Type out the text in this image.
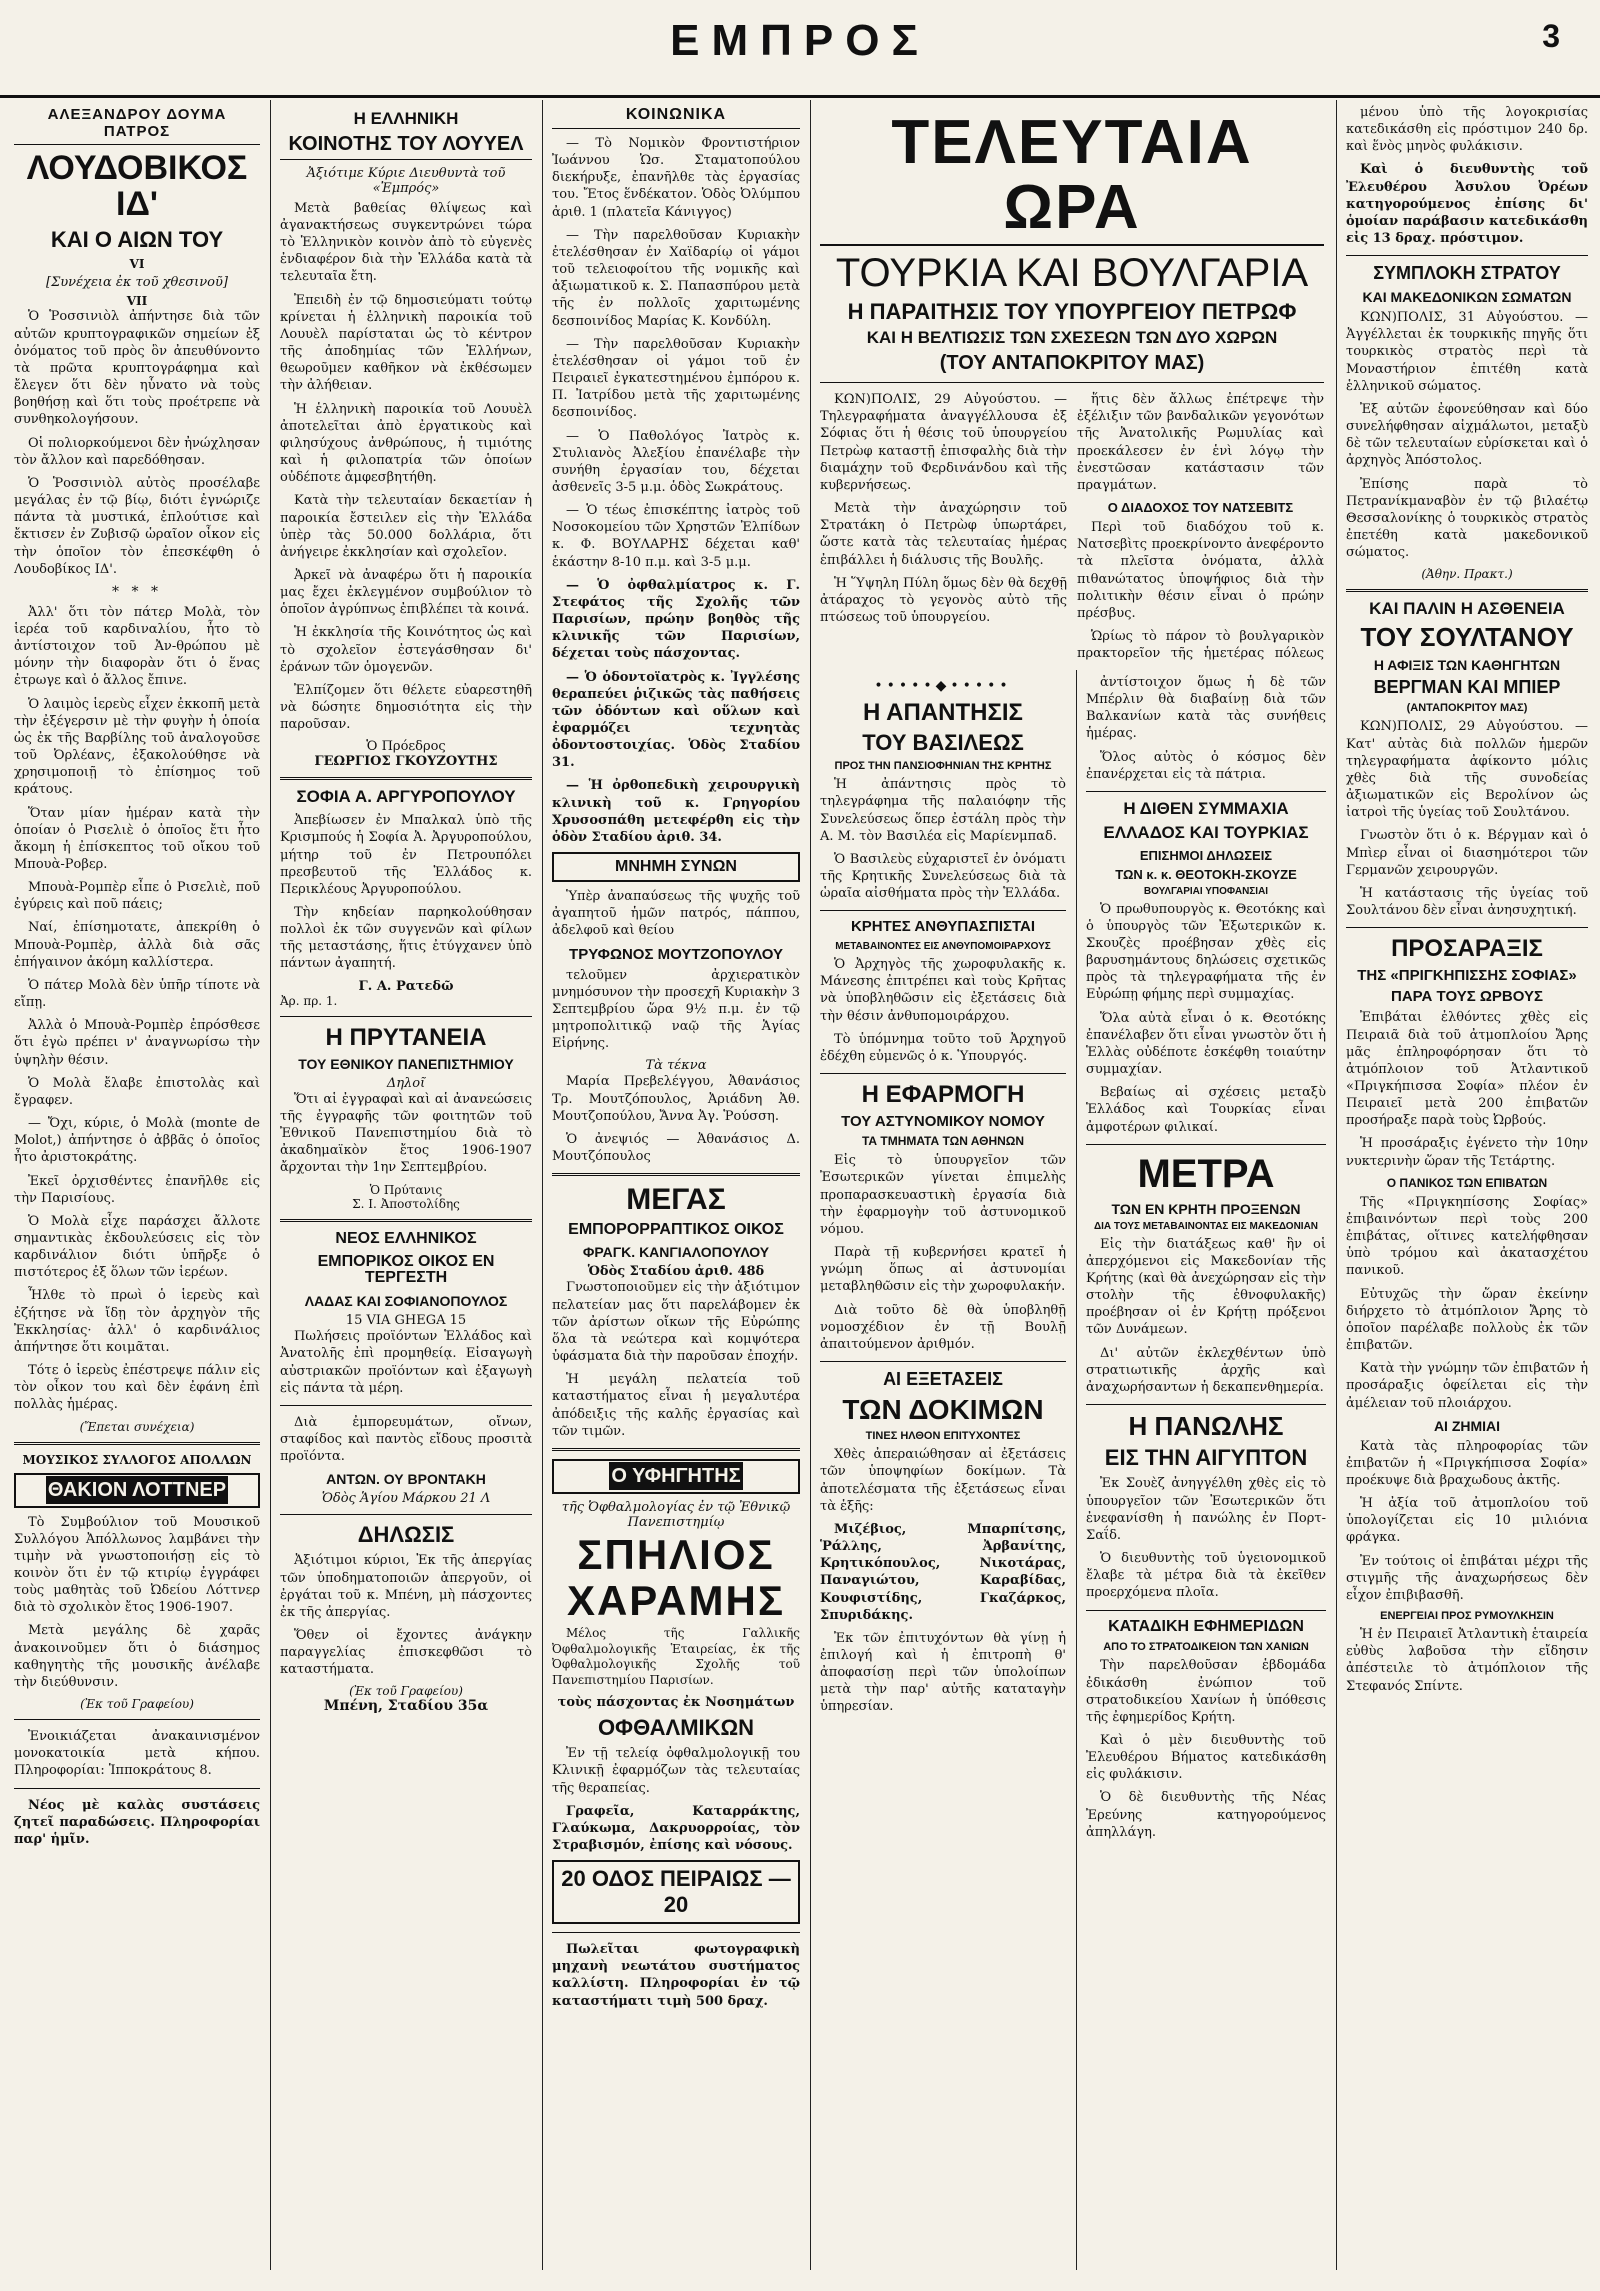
ΕΜΠΡΟΣ	3
ΑΛΕΞΑΝΔΡΟΥ ΔΟΥΜΑ ΠΑΤΡΟΣ
ΛΟΥΔΟΒΙΚΟΣ ΙΔ'
ΚΑΙ Ο ΑΙΩΝ ΤΟΥ
VI
[Συνέχεια ἐκ τοῦ χθεσινοῦ]
VII

Ὁ Ῥοσσινιὸλ ἀπήντησε διὰ τῶν αὐτῶν κρυπτογραφικῶν σημείων ἐξ ὀνόματος τοῦ πρὸς ὃν ἀπευθύνοντο τὰ πρῶτα κρυπτογράφημα καὶ ἔλεγεν ὅτι δὲν ηὗνατο νὰ τοὺς βοηθήσῃ καὶ ὅτι τοὺς προέτρεπε νὰ συνθηκολογήσουν.

Οἱ πολιορκούμενοι δὲν ἠνώχλησαν τὸν ἄλλον καὶ παρεδόθησαν.

Ὁ Ῥοσσινιὸλ αὐτὸς προσέλαβε μεγάλας ἐν τῷ βίῳ, διότι ἐγνώριζε πάντα τὰ μυστικά, ἐπλούτισε καὶ ἔκτισεν ἐν Ζυβισῷ ὡραῖον οἶκον εἰς τὴν ὁποῖον τὸν ἐπεσκέφθη ὁ Λουδοβίκος ΙΔ'.

* * *

Ἀλλ' ὅτι τὸν πάτερ Μολὰ, τὸν ἱερέα τοῦ καρδιναλίου, ἦτο τὸ ἀντίστοιχον τοῦ Ἀν-θρώπου μὲ μόνην τὴν διαφορὰν ὅτι ὁ ἕνας ἐτρωγε καὶ ὁ ἄλλος ἔπινε.

Ὁ λαιμὸς ἱερεὺς εἶχεν ἐκκοπῆ μετὰ τὴν ἐξέγερσιν μὲ τὴν φυγὴν ἡ ὁποία ὡς ἐκ τῆς Βαρβίλης τοῦ ἀναλογοῦσε τοῦ Ὀρλέανς, ἐξακολούθησε νὰ χρησιμοποιῇ τὸ ἐπίσημος τοῦ κράτους.

Ὅταν μίαν ἡμέραν κατὰ τὴν ὁποίαν ὁ Ρισελιὲ ὁ ὁποῖος ἔτι ἦτο ἄκομη ἡ ἐπίσκεπτος τοῦ οἴκου τοῦ Μπουὰ-Ροβερ.

Μπουὰ-Ρομπὲρ εἶπε ὁ Ρισελιὲ, ποῦ ἐγύρεις καὶ ποῦ πάεις;

Ναί, ἐπίσημοτατε, ἀπεκρίθη ὁ Μπουὰ-Ρομπὲρ, ἀλλὰ διὰ σᾶς ἐπήγαινον ἀκόμη καλλίστερα.

Ὁ πάτερ Μολὰ δὲν ὑπῆρ τίποτε νὰ εἴπῃ.

Ἀλλὰ ὁ Μπουὰ-Ρομπὲρ ἐπρόσθεσε ὅτι ἐγὼ πρέπει ν' ἀναγνωρίσω τὴν ὑψηλὴν θέσιν.

Ὁ Μολὰ ἔλαβε ἐπιστολὰς καὶ ἔγραφεν.

— Ὄχι, κύριε, ὁ Μολὰ (monte de Molot,) ἀπήντησε ὁ ἀββᾶς ὁ ὁποῖος ἦτο ἀριστοκράτης.

Ἐκεῖ ὀρχισθέντες ἐπανῆλθε εἰς τὴν Παρισίους.

Ὁ Μολὰ εἶχε παράσχει ἄλλοτε σημαντικὰς ἐκδουλεύσεις εἰς τὸν καρδινάλιον διότι ὑπῆρξε ὁ πιστότερος ἐξ ὅλων τῶν ἱερέων.

Ἦλθε τὸ πρωὶ ὁ ἱερεὺς καὶ ἐζήτησε νὰ ἴδῃ τὸν ἀρχηγὸν τῆς Ἐκκλησίας· ἀλλ' ὁ καρδινάλιος ἀπήντησε ὅτι κοιμᾶται.

Τότε ὁ ἱερεὺς ἐπέστρεψε πάλιν εἰς τὸν οἶκον του καὶ δὲν ἐφάνη ἐπὶ πολλὰς ἡμέρας.

(Ἔπεται συνέχεια)
ΜΟΥΣΙΚΟΣ ΣΥΛΛΟΓΟΣ ΑΠΟΛΛΩΝ
ΘΑΚΙΟΝ ΛΟΤΤΝΕΡ

Τὸ Συμβούλιον τοῦ Μουσικοῦ Συλλόγου Ἀπόλλωνος λαμβάνει τὴν τιμὴν νὰ γνωστοποιήσῃ εἰς τὸ κοινὸν ὅτι ἐν τῷ κτιρίῳ ἐγγράφει τοὺς μαθητὰς τοῦ Ὠδείου Λόττνερ διὰ τὸ σχολικὸν ἔτος 1906-1907.

Μετὰ μεγάλης δὲ χαρᾶς ἀνακοινοῦμεν ὅτι ὁ διάσημος καθηγητὴς τῆς μουσικῆς ἀνέλαβε τὴν διεύθυνσιν.

(Ἐκ τοῦ Γραφείου)

Ἐνοικιάζεται ἀνακαινισμένον μονοκατοικία μετὰ κήπου. Πληροφορίαι: Ἱπποκράτους 8.

Νέος μὲ καλὰς συστάσεις ζητεῖ παραδώσεις. Πληροφορίαι παρ' ἡμῖν.

Η ΕΛΛΗΝΙΚΗ
ΚΟΙΝΟΤΗΣ ΤΟΥ ΛΟΥΥΕΛ
Ἀξιότιμε Κύριε Διευθυντὰ τοῦ «Ἐμπρός»

Μετὰ βαθείας θλίψεως καὶ ἀγανακτήσεως συγκεντρώνει τώρα τὸ Ἑλληνικὸν κοινὸν ἀπὸ τὸ εὐγενὲς ἐνδιαφέρον διὰ τὴν Ἑλλάδα κατὰ τὰ τελευταῖα ἔτη.

Ἐπειδὴ ἐν τῷ δημοσιεύματι τούτῳ κρίνεται ἡ ἑλληνικὴ παροικία τοῦ Λουυὲλ παρίσταται ὡς τὸ κέντρον τῆς ἀποδημίας τῶν Ἑλλήνων, θεωροῦμεν καθῆκον νὰ ἐκθέσωμεν τὴν ἀλήθειαν.

Ἡ ἑλληνικὴ παροικία τοῦ Λουυὲλ ἀποτελεῖται ἀπὸ ἐργατικοὺς καὶ φιλησύχους ἀνθρώπους, ἡ τιμιότης καὶ ἡ φιλοπατρία τῶν ὁποίων οὐδέποτε ἀμφεσβητήθη.

Κατὰ τὴν τελευταίαν δεκαετίαν ἡ παροικία ἔστειλεν εἰς τὴν Ἑλλάδα ὑπὲρ τὰς 50.000 δολλάρια, ὅτι ἀνήγειρε ἐκκλησίαν καὶ σχολεῖον.

Ἀρκεῖ νὰ ἀναφέρω ὅτι ἡ παροικία μας ἔχει ἐκλεγμένον συμβούλιον τὸ ὁποῖον ἀγρύπνως ἐπιβλέπει τὰ κοινά.

Ἡ ἐκκλησία τῆς Κοινότητος ὡς καὶ τὸ σχολεῖον ἐστεγάσθησαν δι' ἐράνων τῶν ὁμογενῶν.

Ἐλπίζομεν ὅτι θέλετε εὐαρεστηθῆ νὰ δώσητε δημοσιότητα εἰς τὴν παροῦσαν.

Ὁ Πρόεδρος
ΓΕΩΡΓΙΟΣ ΓΚΟΥΖΟΥΤΗΣ
ΣΟΦΙΑ Α. ΑΡΓΥΡΟΠΟΥΛΟΥ

Ἀπεβίωσεν ἐν Μπαλκαλ ὑπὸ τῆς Κρισμπούς ἡ Σοφία Ἀ. Ἀργυροπούλου, μήτηρ τοῦ ἐν Πετρουπόλει πρεσβευτοῦ τῆς Ἑλλάδος κ. Περικλέους Ἀργυροπούλου.

Τὴν κηδείαν παρηκολούθησαν πολλοὶ ἐκ τῶν συγγενῶν καὶ φίλων τῆς μεταστάσης, ἥτις ἐτύγχανεν ὑπὸ πάντων ἀγαπητή.

Γ. Α. Ρατεδῶ
Ἀρ. πρ. 1.
Η ΠΡΥΤΑΝΕΙΑ
ΤΟΥ ΕΘΝΙΚΟΥ ΠΑΝΕΠΙΣΤΗΜΙΟΥ
Δηλοῖ

Ὅτι αἱ ἐγγραφαὶ καὶ αἱ ἀνανεώσεις τῆς ἐγγραφῆς τῶν φοιτητῶν τοῦ Ἐθνικοῦ Πανεπιστημίου διὰ τὸ ἀκαδημαϊκὸν ἔτος 1906-1907 ἄρχονται τὴν 1ην Σεπτεμβρίου.

Ὁ Πρύτανις
Σ. Ι. Ἀποστολίδης
ΝΕΟΣ ΕΛΛΗΝΙΚΟΣ
ΕΜΠΟΡΙΚΟΣ ΟΙΚΟΣ ΕΝ ΤΕΡΓΕΣΤΗ
ΛΑΔΑΣ ΚΑΙ ΣΟΦΙΑΝΟΠΟΥΛΟΣ
15 VIA GHEGA 15

Πωλήσεις προϊόντων Ἑλλάδος καὶ Ἀνατολῆς ἐπὶ προμηθείᾳ. Εἰσαγωγὴ αὐστριακῶν προϊόντων καὶ ἐξαγωγὴ εἰς πάντα τὰ μέρη.

Διὰ ἐμπορευμάτων, οἴνων, σταφίδος καὶ παντὸς εἴδους προσιτὰ προϊόντα.

ΑΝΤΩΝ. ΟΥ ΒΡΟΝΤΑΚΗ
Ὁδὸς Ἁγίου Μάρκου 21 Λ
ΔΗΛΩΣΙΣ

Ἀξιότιμοι κύριοι, Ἐκ τῆς ἀπεργίας τῶν ὑποδηματοποιῶν ἀπεργοῦν, οἱ ἐργάται τοῦ κ. Μπένη, μὴ πάσχοντες ἐκ τῆς ἀπεργίας.

Ὅθεν οἱ ἔχοντες ἀνάγκην παραγγελίας ἐπισκεφθῶσι τὸ καταστήματα.

(Ἐκ τοῦ Γραφείου)
Μπένη, Σταδίου 35α
ΚΟΙΝΩΝΙΚΑ

— Τὸ Νομικὸν Φροντιστήριον Ἰωάννου Ὡσ. Σταματοπούλου διεκήρυξε, ἐπανῆλθε τὰς ἐργασίας του. Ἔτος ἕνδέκατον. Ὁδὸς Ὀλύμπου ἀριθ. 1 (πλατεῖα Κάνιγγος)

— Τὴν παρελθοῦσαν Κυριακὴν ἐτελέσθησαν ἐν Χαϊδαρίῳ οἱ γάμοι τοῦ τελειοφοίτου τῆς νομικῆς καὶ ἀξιωματικοῦ κ. Σ. Παπασπύρου μετὰ τῆς ἐν πολλοῖς χαριτωμένης δεσποινίδος Μαρίας Κ. Κονδύλη.

— Τὴν παρελθοῦσαν Κυριακὴν ἐτελέσθησαν οἱ γάμοι τοῦ ἐν Πειραιεῖ ἐγκατεστημένου ἐμπόρου κ. Π. Ἰατρίδου μετὰ τῆς χαριτωμένης δεσποινίδος.

— Ὁ Παθολόγος Ἰατρὸς κ. Στυλιανὸς Ἀλεξίου ἐπανέλαβε τὴν συνήθη ἐργασίαν του, δέχεται ἀσθενεῖς 3-5 μ.μ. ὁδὸς Σωκράτους.

— Ὁ τέως ἐπισκέπτης ἰατρὸς τοῦ Νοσοκομείου τῶν Χρηστῶν Ἐλπίδων κ. Φ. ΒΟΥΛΑΡΗΣ δέχεται καθ' ἑκάστην 8-10 π.μ. καὶ 3-5 μ.μ.

— Ὁ ὀφθαλμίατρος κ. Γ. Στεφάτος τῆς Σχολῆς τῶν Παρισίων, πρώην βοηθὸς τῆς κλινικῆς τῶν Παρισίων, δέχεται τοὺς πάσχοντας.

— Ὁ ὁδοντοϊατρὸς κ. Ἰγγλέσης θεραπεύει ῥιζικῶς τὰς παθήσεις τῶν ὀδόντων καὶ οὕλων καὶ ἐφαρμόζει τεχνητὰς ὀδοντοστοιχίας. Ὁδὸς Σταδίου 31.

— Ἡ ὀρθοπεδικὴ χειρουργικὴ κλινικὴ τοῦ κ. Γρηγορίου Χρυσοσπάθη μετεφέρθη εἰς τὴν ὁδὸν Σταδίου ἀριθ. 34.

ΜΝΗΜΗ ΣΥΝΩΝ

Ὑπὲρ ἀναπαύσεως τῆς ψυχῆς τοῦ ἀγαπητοῦ ἡμῶν πατρός, πάππου, ἀδελφοῦ καὶ θείου

ΤΡΥΦΩΝΟΣ ΜΟΥΤΖΟΠΟΥΛΟΥ

τελοῦμεν ἀρχιερατικὸν μνημόσυνον τὴν προσεχῆ Κυριακὴν 3 Σεπτεμβρίου ὥρα 9½ π.μ. ἐν τῷ μητροπολιτικῷ ναῷ τῆς Ἁγίας Εἰρήνης.

Τὰ τέκνα

Μαρία Πρεβελέγγου, Ἀθανάσιος Τρ. Μουτζόπουλος, Ἀριάδνη Ἀθ. Μουτζοπούλου, Ἄννα Ἀγ. Ῥούσση.

Ὁ ἀνεψιός — Ἀθανάσιος Δ. Μουτζόπουλος

ΜΕΓΑΣ
ΕΜΠΟΡΟΡΡΑΠΤΙΚΟΣ ΟΙΚΟΣ
ΦΡΑΓΚ. ΚΑΝΓΙΑΛΟΠΟΥΛΟΥ
Ὁδὸς Σταδίου ἀριθ. 48δ

Γνωστοποιοῦμεν εἰς τὴν ἀξιότιμον πελατείαν μας ὅτι παρελάβομεν ἐκ τῶν ἀρίστων οἴκων τῆς Εὐρώπης ὅλα τὰ νεώτερα καὶ κομψότερα ὑφάσματα διὰ τὴν παροῦσαν ἐποχήν.

Ἡ μεγάλη πελατεία τοῦ καταστήματος εἶναι ἡ μεγαλυτέρα ἀπόδειξις τῆς καλῆς ἐργασίας καὶ τῶν τιμῶν.

Ο ΥΦΗΓΗΤΗΣ
τῆς Ὀφθαλμολογίας ἐν τῷ Ἐθνικῷ Πανεπιστημίῳ
ΣΠΗΛΙΟΣ
ΧΑΡΑΜΗΣ

Μέλος τῆς Γαλλικῆς Ὀφθαλμολογικῆς Ἑταιρείας, ἐκ τῆς Ὀφθαλμολογικῆς Σχολῆς τοῦ Πανεπιστημίου Παρισίων.

τοὺς πάσχοντας ἐκ Νοσημάτων
ΟΦΘΑΛΜΙΚΩΝ

Ἐν τῇ τελείᾳ ὀφθαλμολογικῇ του Κλινικῇ ἐφαρμόζων τὰς τελευταίας τῆς θεραπείας.

Γραφεῖα, Καταρράκτης, Γλαύκωμα, Δακρυορροίας, τὸν Στραβισμόν, ἐπίσης καὶ νόσους.

20 ΟΔΟΣ ΠΕΙΡΑΙΩΣ — 20

Πωλεῖται φωτογραφικὴ μηχανὴ νεωτάτου συστήματος καλλίστη. Πληροφορίαι ἐν τῷ καταστήματι τιμὴ 500 δραχ.

ΤΕΛΕΥΤΑΙΑ ΩΡΑ
ΤΟΥΡΚΙΑ ΚΑΙ ΒΟΥΛΓΑΡΙΑ
Η ΠΑΡΑΙΤΗΣΙΣ ΤΟΥ ΥΠΟΥΡΓΕΙΟΥ ΠΕΤΡΩΦ
ΚΑΙ Η ΒΕΛΤΙΩΣΙΣ ΤΩΝ ΣΧΕΣΕΩΝ ΤΩΝ ΔΥΟ ΧΩΡΩΝ
(ΤΟΥ ΑΝΤΑΠΟΚΡΙΤΟΥ ΜΑΣ)

ΚΩΝ)ΠΟΛΙΣ, 29 Αὐγούστου. — Τηλεγραφήματα ἀναγγέλλουσα ἐξ Σόφιας ὅτι ἡ θέσις τοῦ ὑπουργείου Πετρὼφ καταστῇ ἐπισφαλὴς διὰ τὴν διαμάχην τοῦ Φερδινάνδου καὶ τῆς κυβερνήσεως.

Μετὰ τὴν ἀναχώρησιν τοῦ Στρατάκη ὁ Πετρὼφ ὑπωρτάρει, ὥστε κατὰ τὰς τελευταίας ἡμέρας ἐπιβάλλει ἡ διάλυσις τῆς Βουλῆς.

Ἡ Ὕψηλη Πύλη ὅμως δὲν θὰ δεχθῇ ἀτάραχος τὸ γεγονὸς αὐτὸ τῆς πτώσεως τοῦ ὑπουργείου.

ἥτις δὲν ἄλλως ἐπέτρεψε τὴν ἐξέλιξιν τῶν βανδαλικῶν γεγονότων τῆς Ἀνατολικῆς Ρωμυλίας καὶ προεκάλεσεν ἐν ἑνὶ λόγῳ τὴν ἐνεστῶσαν κατάστασιν τῶν πραγμάτων.

Ο ΔΙΑΔΟΧΟΣ ΤΟΥ ΝΑΤΣΕΒΙΤΣ

Περὶ τοῦ διαδόχου τοῦ κ. Νατσεβὶτς προεκρίνοντο ἀνεφέροντο τὰ πλεῖστα ὀνόματα, ἀλλὰ πιθανώτατος ὑποψήφιος διὰ τὴν πολιτικὴν θέσιν εἶναι ὁ πρώην πρέσβυς.

Ὡρίως τὸ πάρον τὸ βουλγαρικὸν πρακτορεῖον τῆς ἡμετέρας πόλεως

•••••◆•••••
Η ΑΠΑΝΤΗΣΙΣ
ΤΟΥ ΒΑΣΙΛΕΩΣ
ΠΡΟΣ ΤΗΝ ΠΑΝΣΙΟΦΗΝΙΑΝ ΤΗΣ ΚΡΗΤΗΣ

Ἡ ἀπάντησις πρὸς τὸ τηλεγράφημα τῆς παλαιόφην τῆς Συνελεύσεως ὅπερ ἐστάλη πρὸς τὴν Α. Μ. τὸν Βασιλέα εἰς Μαρίενμπαδ.

Ὁ Βασιλεὺς εὐχαριστεῖ ἐν ὀνόματι τῆς Κρητικῆς Συνελεύσεως διὰ τὰ ὡραῖα αἰσθήματα πρὸς τὴν Ἑλλάδα.

ΚΡΗΤΕΣ ΑΝΘΥΠΑΣΠΙΣΤΑΙ
ΜΕΤΑΒΑΙΝΟΝΤΕΣ ΕΙΣ ΑΝΘΥΠΟΜΟΙΡΑΡΧΟΥΣ

Ὁ Ἀρχηγὸς τῆς χωροφυλακῆς κ. Μάνεσης ἐπιτρέπει καὶ τοὺς Κρῆτας νὰ ὑποβληθῶσιν εἰς ἐξετάσεις διὰ τὴν θέσιν ἀνθυπομοιράρχου.

Τὸ ὑπόμνημα τοῦτο τοῦ Ἀρχηγοῦ ἐδέχθη εὐμενῶς ὁ κ. Ὑπουργός.

Η ΕΦΑΡΜΟΓΗ
ΤΟΥ ΑΣΤΥΝΟΜΙΚΟΥ ΝΟΜΟΥ
ΤΑ ΤΜΗΜΑΤΑ ΤΩΝ ΑΘΗΝΩΝ

Εἰς τὸ ὑπουργεῖον τῶν Ἐσωτερικῶν γίνεται ἐπιμελὴς προπαρασκευαστικὴ ἐργασία διὰ τὴν ἐφαρμογὴν τοῦ ἀστυνομικοῦ νόμου.

Παρὰ τῇ κυβερνήσει κρατεῖ ἡ γνώμη ὅπως αἱ ἀστυνομίαι μεταβληθῶσιν εἰς τὴν χωροφυλακήν.

Διὰ τοῦτο δὲ θὰ ὑποβληθῇ νομοσχέδιον ἐν τῇ Βουλῇ ἀπαιτούμενον ἀριθμόν.

ΑΙ ΕΞΕΤΑΣΕΙΣ
ΤΩΝ ΔΟΚΙΜΩΝ
ΤΙΝΕΣ ΗΛΘΟΝ ΕΠΙΤΥΧΟΝΤΕΣ

Χθὲς ἀπεραιώθησαν αἱ ἐξετάσεις τῶν ὑποψηφίων δοκίμων. Τὰ ἀποτελέσματα τῆς ἐξετάσεως εἶναι τὰ ἑξῆς:

Μιζέβιος, Μπαρπίτσης, Ῥάλλης, Ἀρβανίτης, Κρητικόπουλος, Νικοτάρας, Παναγιώτου, Καραβίδας, Κουφιστίδης, Γκαζάρκος, Σπυριδάκης.

Ἐκ τῶν ἐπιτυχόντων θὰ γίνῃ ἡ ἐπιλογή καὶ ἡ ἐπιτροπὴ θ' ἀποφασίσῃ περὶ τῶν ὑπολοίπων μετὰ τὴν παρ' αὐτῆς καταταγὴν ὑπηρεσίαν.

ἀντίστοιχον ὅμως ἡ δὲ τῶν Μπέρλιν θὰ διαβαίνῃ διὰ τῶν Βαλκανίων κατὰ τὰς συνήθεις ἡμέρας.

Ὅλος αὐτὸς ὁ κόσμος δὲν ἐπανέρχεται εἰς τὰ πάτρια.

Η ΔΙΘΕΝ ΣΥΜΜΑΧΙΑ
ΕΛΛΑΔΟΣ ΚΑΙ ΤΟΥΡΚΙΑΣ
ΕΠΙΣΗΜΟΙ ΔΗΛΩΣΕΙΣ
ΤΩΝ κ. κ. ΘΕΟΤΟΚΗ-ΣΚΟΥΖΕ
ΒΟΥΛΓΑΡΙΑΙ ΥΠΟΦΑΝΣΙΑΙ

Ὁ πρωθυπουργὸς κ. Θεοτόκης καὶ ὁ ὑπουργὸς τῶν Ἐξωτερικῶν κ. Σκουζὲς προέβησαν χθὲς εἰς βαρυσημάντους δηλώσεις σχετικῶς πρὸς τὰ τηλεγραφήματα τῆς ἐν Εὐρώπῃ φήμης περὶ συμμαχίας.

Ὅλα αὐτὰ εἶναι ὁ κ. Θεοτόκης ἐπανέλαβεν ὅτι εἶναι γνωστὸν ὅτι ἡ Ἑλλὰς οὐδέποτε ἐσκέφθη τοιαύτην συμμαχίαν.

Βεβαίως αἱ σχέσεις μεταξὺ Ἑλλάδος καὶ Τουρκίας εἶναι ἀμφοτέρων φιλικαί.

ΜΕΤΡΑ
ΤΩΝ ΕΝ ΚΡΗΤΗ ΠΡΟΞΕΝΩΝ
ΔΙΑ ΤΟΥΣ ΜΕΤΑΒΑΙΝΟΝΤΑΣ ΕΙΣ ΜΑΚΕΔΟΝΙΑΝ

Εἰς τὴν διατάξεως καθ' ἣν οἱ ἀπερχόμενοι εἰς Μακεδονίαν τῆς Κρήτης (καὶ θὰ ἀνεχώρησαν εἰς τὴν στολὴν τῆς ἐθνοφυλακῆς) προέβησαν οἱ ἐν Κρήτῃ πρόξενοι τῶν Δυνάμεων.

Δι' αὐτῶν ἐκλεχθέντων ὑπὸ στρατιωτικῆς ἀρχῆς καὶ ἀναχωρήσαντων ἡ δεκαπενθημερία.

Η ΠΑΝΩΛΗΣ
ΕΙΣ ΤΗΝ ΑΙΓΥΠΤΟΝ

Ἐκ Σουὲζ ἀνηγγέλθη χθὲς εἰς τὸ ὑπουργεῖον τῶν Ἐσωτερικῶν ὅτι ἐνεφανίσθη ἡ πανώλης ἐν Πορτ-Σαΐδ.

Ὁ διευθυντὴς τοῦ ὑγειονομικοῦ ἔλαβε τὰ μέτρα διὰ τὰ ἐκεῖθεν προερχόμενα πλοῖα.

ΚΑΤΑΔΙΚΗ ΕΦΗΜΕΡΙΔΩΝ
ΑΠΟ ΤΟ ΣΤΡΑΤΟΔΙΚΕΙΟΝ ΤΩΝ ΧΑΝΙΩΝ

Τὴν παρελθοῦσαν ἑβδομάδα ἐδικάσθη ἐνώπιον τοῦ στρατοδικείου Χανίων ἡ ὑπόθεσις τῆς ἐφημερίδος Κρήτη.

Καὶ ὁ μὲν διευθυντὴς τοῦ Ἐλευθέρου Βήματος κατεδικάσθη εἰς φυλάκισιν.

Ὁ δὲ διευθυντὴς τῆς Νέας Ἐρεύνης κατηγορούμενος ἀπηλλάγη.

μένου ὑπὸ τῆς λογοκρισίας κατεδικάσθη εἰς πρόστιμον 240 δρ. καὶ ἕνὸς μηνὸς φυλάκισιν.

Καὶ ὁ διευθυντὴς τοῦ Ἐλευθέρου Ἀσυλου Ὀρέων κατηγορούμενος ἐπίσης δι' ὁμοίαν παράβασιν κατεδικάσθη εἰς 13 δραχ. πρόστιμον.

ΣΥΜΠΛΟΚΗ ΣΤΡΑΤΟΥ
ΚΑΙ ΜΑΚΕΔΟΝΙΚΩΝ ΣΩΜΑΤΩΝ

ΚΩΝ)ΠΟΛΙΣ, 31 Αὐγούστου. — Ἀγγέλλεται ἐκ τουρκικῆς πηγῆς ὅτι τουρκικὸς στρατὸς περὶ τὰ Μοναστήριον ἐπιτέθη κατὰ ἑλληνικοῦ σώματος.

Ἐξ αὐτῶν ἐφονεύθησαν καὶ δύο συνελήφθησαν αἰχμάλωτοι, μεταξὺ δὲ τῶν τελευταίων εὑρίσκεται καὶ ὁ ἀρχηγὸς Ἀπόστολος.

Ἐπίσης παρὰ τὸ Πετρανίκμαναβὸν ἐν τῷ βιλαέτῳ Θεσσαλονίκης ὁ τουρκικὸς στρατὸς ἐπετέθη κατὰ μακεδονικοῦ σώματος.

(Ἀθην. Πρακτ.)
ΚΑΙ ΠΑΛΙΝ Η ΑΣΘΕΝΕΙΑ
ΤΟΥ ΣΟΥΛΤΑΝΟΥ
Η ΑΦΙΞΙΣ ΤΩΝ ΚΑΘΗΓΗΤΩΝ
ΒΕΡΓΜΑΝ ΚΑΙ ΜΠΙΕΡ
(ΑΝΤΑΠΟΚΡΙΤΟΥ ΜΑΣ)

ΚΩΝ)ΠΟΛΙΣ, 29 Αὐγούστου. — Κατ' αὐτὰς διὰ πολλῶν ἡμερῶν τηλεγραφήματα ἀφίκοντο μόλις χθὲς διὰ τῆς συνοδείας ἀξιωματικῶν εἰς Βερολίνον ὡς ἰατροὶ τῆς ὑγείας τοῦ Σουλτάνου.

Γνωστὸν ὅτι ὁ κ. Βέργμαν καὶ ὁ Μπὶερ εἶναι οἱ διασημότεροι τῶν Γερμανῶν χειρουργῶν.

Ἡ κατάστασις τῆς ὑγείας τοῦ Σουλτάνου δὲν εἶναι ἀνησυχητική.

ΠΡΟΣΑΡΑΞΙΣ
ΤΗΣ «ΠΡΙΓΚΗΠΙΣΣΗΣ ΣΟΦΙΑΣ»
ΠΑΡΑ ΤΟΥΣ ΩΡΒΟΥΣ

Ἐπιβάται ἐλθόντες χθὲς εἰς Πειραιᾶ διὰ τοῦ ἀτμοπλοίου Ἄρης μᾶς ἐπληροφόρησαν ὅτι τὸ ἀτμόπλοιον τοῦ Ἀτλαντικοῦ «Πριγκήπισσα Σοφία» πλέον ἐν Πειραιεῖ μετὰ 200 ἐπιβατῶν προσήραξε παρὰ τοὺς Ὠρβούς.

Ἡ προσάραξις ἐγένετο τὴν 10ην νυκτερινὴν ὥραν τῆς Τετάρτης.

Ο ΠΑΝΙΚΟΣ ΤΩΝ ΕΠΙΒΑΤΩΝ

Τῆς «Πριγκηπίσσης Σοφίας» ἐπιβαινόντων περὶ τοὺς 200 ἐπιβάτας, οἵτινες κατελήφθησαν ὑπὸ τρόμου καὶ ἀκατασχέτου πανικοῦ.

Εὐτυχῶς τὴν ὥραν ἐκείνην διήρχετο τὸ ἀτμόπλοιον Ἄρης τὸ ὁποῖον παρέλαβε πολλοὺς ἐκ τῶν ἐπιβατῶν.

Κατὰ τὴν γνώμην τῶν ἐπιβατῶν ἡ προσάραξις ὀφείλεται εἰς τὴν ἀμέλειαν τοῦ πλοιάρχου.

ΑΙ ΖΗΜΙΑΙ

Κατὰ τὰς πληροφορίας τῶν ἐπιβατῶν ἡ «Πριγκήπισσα Σοφία» προέκυψε διὰ βραχωδους ἀκτῆς.

Ἡ ἀξία τοῦ ἀτμοπλοίου τοῦ ὑπολογίζεται εἰς 10 μιλιόνια φράγκα.

Ἐν τούτοις οἱ ἐπιβάται μέχρι τῆς στιγμῆς τῆς ἀναχωρήσεως δὲν εἶχον ἐπιβιβασθῆ.

ΕΝΕΡΓΕΙΑΙ ΠΡΟΣ ΡΥΜΟΥΛΚΗΣΙΝ

Ἡ ἐν Πειραιεῖ Ἀτλαντικὴ ἑταιρεία εὐθὺς λαβοῦσα τὴν εἴδησιν ἀπέστειλε τὸ ἀτμόπλοιον τῆς Στεφανός Σπίντε.
